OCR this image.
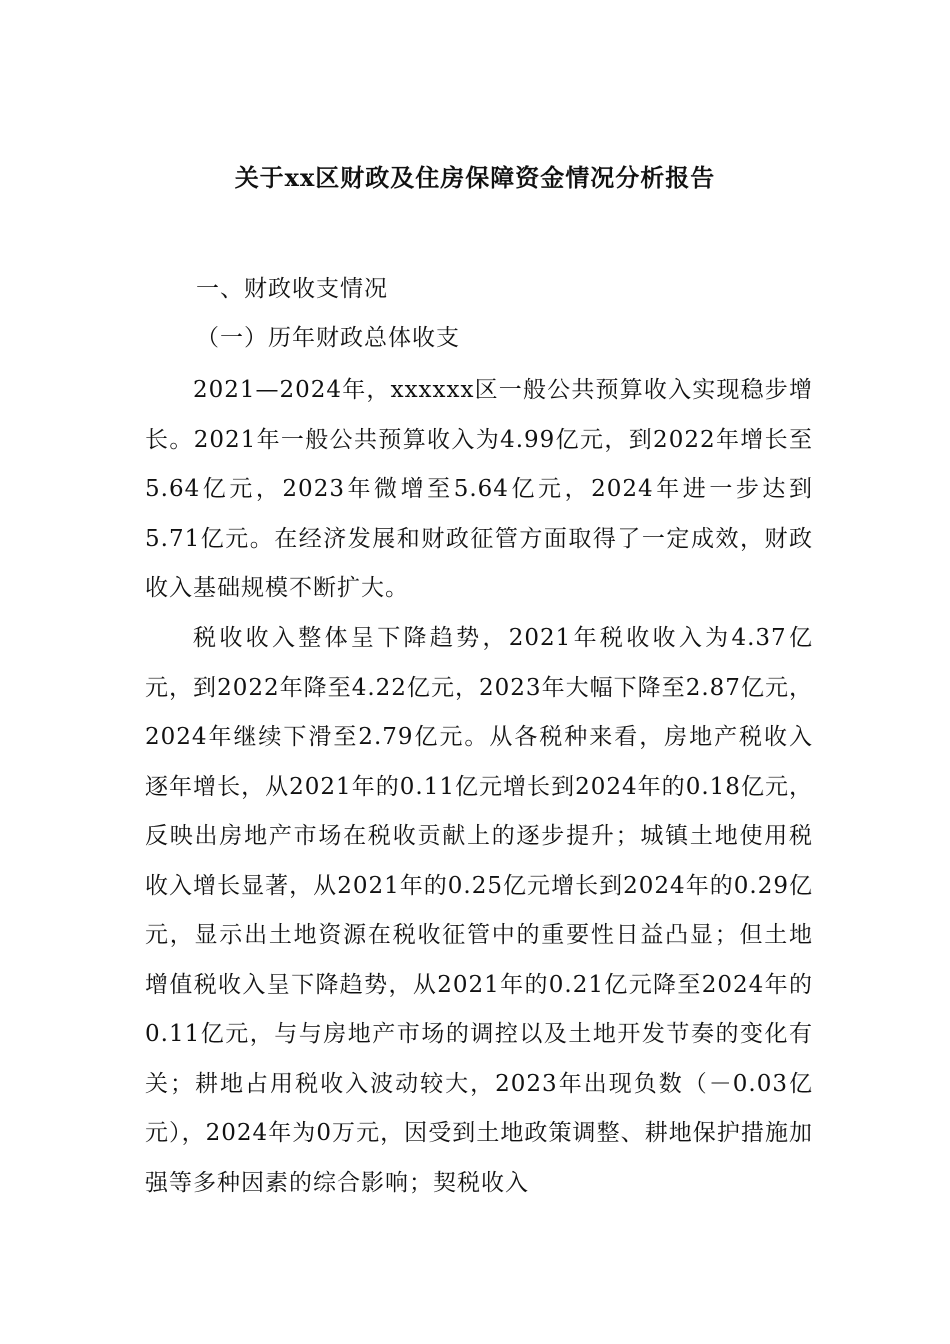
关于xx区财政及住房保障资金情况分析报告
一、财政收支情况
（一）历年财政总体收支

2021—2024年，xxxxxx区一般公共预算收入实现稳步增长。2021年一般公共预算收入为4.99亿元，到2022年增长至5.64亿元，2023年微增至5.64亿元，2024年进一步达到5.71亿元。在经济发展和财政征管方面取得了一定成效，财政收入基础规模不断扩大。

税收收入整体呈下降趋势，2021年税收收入为4.37亿元，到2022年降至4.22亿元，2023年大幅下降至2.87亿元，2024年继续下滑至2.79亿元。从各税种来看，房地产税收入逐年增长，从2021年的0.11亿元增长到2024年的0.18亿元，反映出房地产市场在税收贡献上的逐步提升；城镇土地使用税收入增长显著，从2021年的0.25亿元增长到2024年的0.29亿元，显示出土地资源在税收征管中的重要性日益凸显；但土地增值税收入呈下降趋势，从2021年的0.21亿元降至2024年的0.11亿元，与与房地产市场的调控以及土地开发节奏的变化有关；耕地占用税收入波动较大，2023年出现负数（－0.03亿元），2024年为0万元，因受到土地政策调整、耕地保护措施加强等多种因素的综合影响；契税收入
